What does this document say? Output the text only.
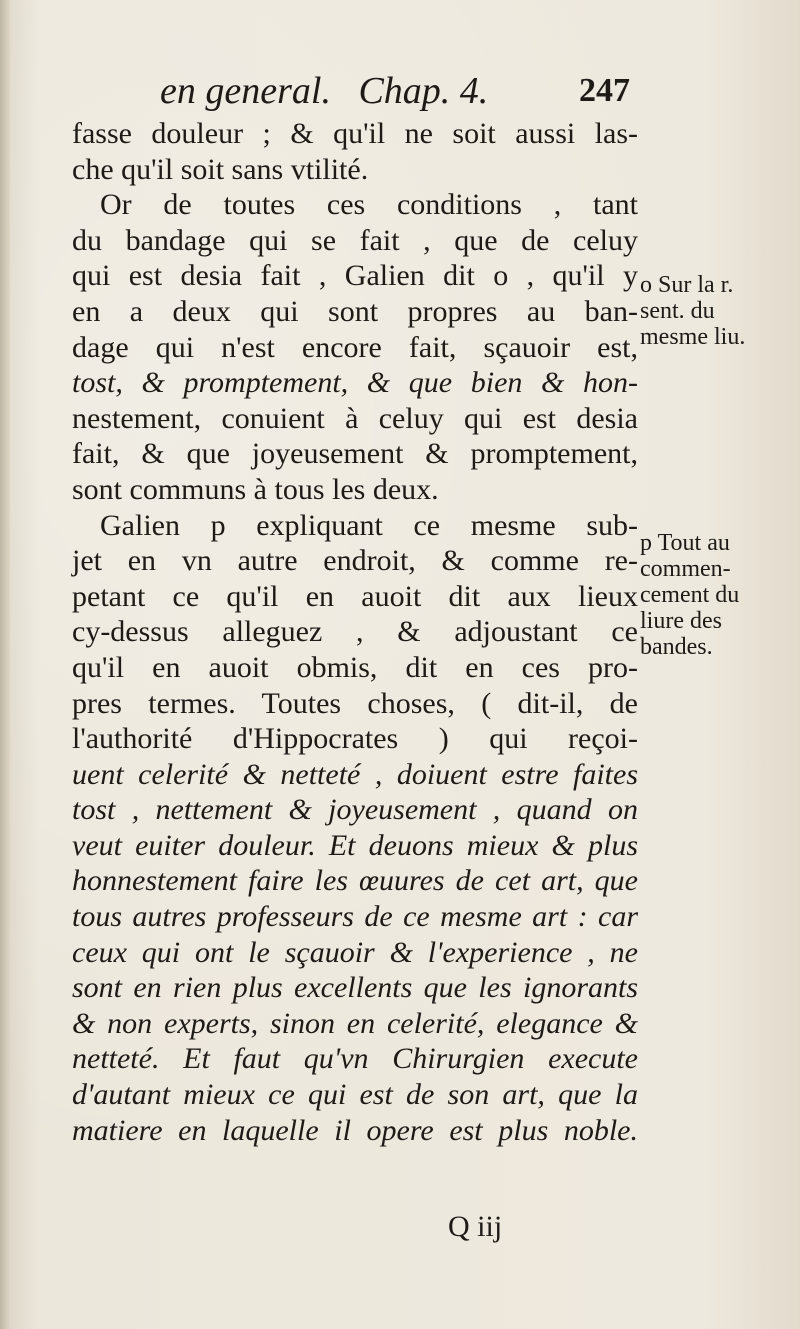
en general. Chap. 4.	247
fasse douleur ; & qu'il ne soit aussi las-
che qu'il soit sans vtilité.
Or de toutes ces conditions , tant
du bandage qui se fait , que de celuy
qui est desia fait , Galien dit o , qu'il y
en a deux qui sont propres au ban-
dage qui n'est encore fait, sçauoir est,
tost, & promptement, & que bien & hon-
nestement, conuient à celuy qui est desia
fait, & que joyeusement & promptement,
sont communs à tous les deux.
Galien p expliquant ce mesme sub-
jet en vn autre endroit, & comme re-
petant ce qu'il en auoit dit aux lieux
cy-dessus alleguez , & adjoustant ce
qu'il en auoit obmis, dit en ces pro-
pres termes. Toutes choses, ( dit-il, de
l'authorité d'Hippocrates ) qui reçoi-
uent celerité & netteté , doiuent estre faites
tost , nettement & joyeusement , quand on
veut euiter douleur. Et deuons mieux & plus
honnestement faire les œuures de cet art, que
tous autres professeurs de ce mesme art : car
ceux qui ont le sçauoir & l'experience , ne
sont en rien plus excellents que les ignorants
& non experts, sinon en celerité, elegance &
netteté. Et faut qu'vn Chirurgien execute
d'autant mieux ce qui est de son art, que la
matiere en laquelle il opere est plus noble.
o Sur la r.
sent. du
mesme liu.
p Tout au
commen-
cement du
liure des
bandes.
Q iij
